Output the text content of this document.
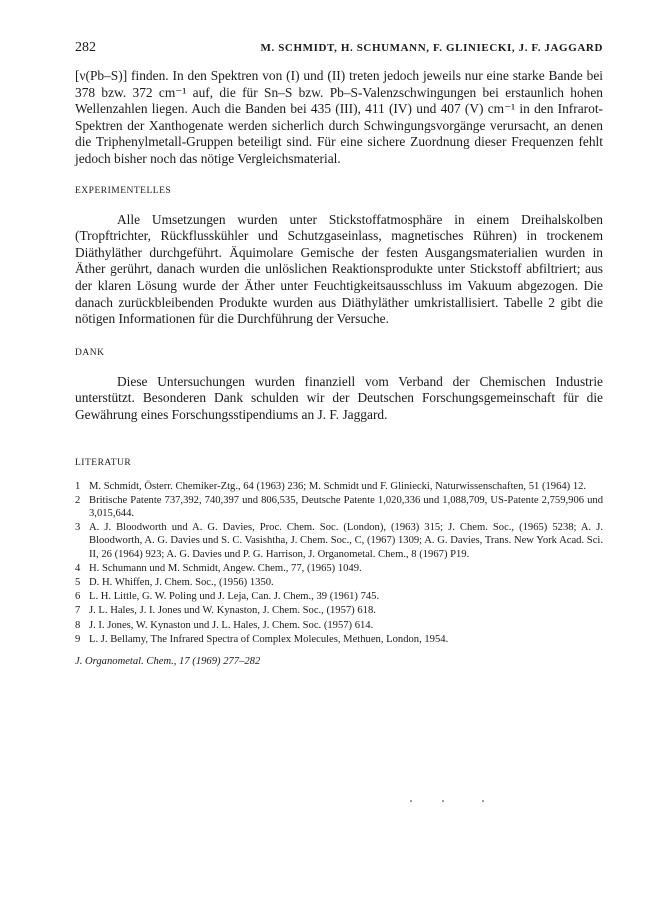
282	M. SCHMIDT, H. SCHUMANN, F. GLINIECKI, J. F. JAGGARD

[ν(Pb–S)] finden. In den Spektren von (I) und (II) treten jedoch jeweils nur eine starke Bande bei 378 bzw. 372 cm⁻¹ auf, die für Sn–S bzw. Pb–S-Valenzschwingungen bei erstaunlich hohen Wellenzahlen liegen. Auch die Banden bei 435 (III), 411 (IV) und 407 (V) cm⁻¹ in den Infrarot-Spektren der Xanthogenate werden sicherlich durch Schwingungsvorgänge verursacht, an denen die Triphenylmetall-Gruppen beteiligt sind. Für eine sichere Zuordnung dieser Frequenzen fehlt jedoch bisher noch das nötige Vergleichsmaterial.

EXPERIMENTELLES

Alle Umsetzungen wurden unter Stickstoffatmosphäre in einem Dreihalskolben (Tropftrichter, Rückflusskühler und Schutzgaseinlass, magnetisches Rühren) in trockenem Diäthyläther durchgeführt. Äquimolare Gemische der festen Ausgangsmaterialien wurden in Äther gerührt, danach wurden die unlöslichen Reaktionsprodukte unter Stickstoff abfiltriert; aus der klaren Lösung wurde der Äther unter Feuchtigkeitsausschluss im Vakuum abgezogen. Die danach zurückbleibenden Produkte wurden aus Diäthyläther umkristallisiert. Tabelle 2 gibt die nötigen Informationen für die Durchführung der Versuche.

DANK

Diese Untersuchungen wurden finanziell vom Verband der Chemischen Industrie unterstützt. Besonderen Dank schulden wir der Deutschen Forschungsgemeinschaft für die Gewährung eines Forschungsstipendiums an J. F. Jaggard.

LITERATUR

1 M. Schmidt, Österr. Chemiker-Ztg., 64 (1963) 236; M. Schmidt und F. Gliniecki, Naturwissenschaften, 51 (1964) 12.
2 Britische Patente 737,392, 740,397 und 806,535, Deutsche Patente 1,020,336 und 1,088,709, US-Patente 2,759,906 und 3,015,644.
3 A. J. Bloodworth und A. G. Davies, Proc. Chem. Soc. (London), (1963) 315; J. Chem. Soc., (1965) 5238; A. J. Bloodworth, A. G. Davies und S. C. Vasishtha, J. Chem. Soc., C, (1967) 1309; A. G. Davies, Trans. New York Acad. Sci. II, 26 (1964) 923; A. G. Davies und P. G. Harrison, J. Organometal. Chem., 8 (1967) P19.
4 H. Schumann und M. Schmidt, Angew. Chem., 77, (1965) 1049.
5 D. H. Whiffen, J. Chem. Soc., (1956) 1350.
6 L. H. Little, G. W. Poling und J. Leja, Can. J. Chem., 39 (1961) 745.
7 J. L. Hales, J. I. Jones und W. Kynaston, J. Chem. Soc., (1957) 618.
8 J. I. Jones, W. Kynaston und J. L. Hales, J. Chem. Soc. (1957) 614.
9 L. J. Bellamy, The Infrared Spectra of Complex Molecules, Methuen, London, 1954.

J. Organometal. Chem., 17 (1969) 277–282
